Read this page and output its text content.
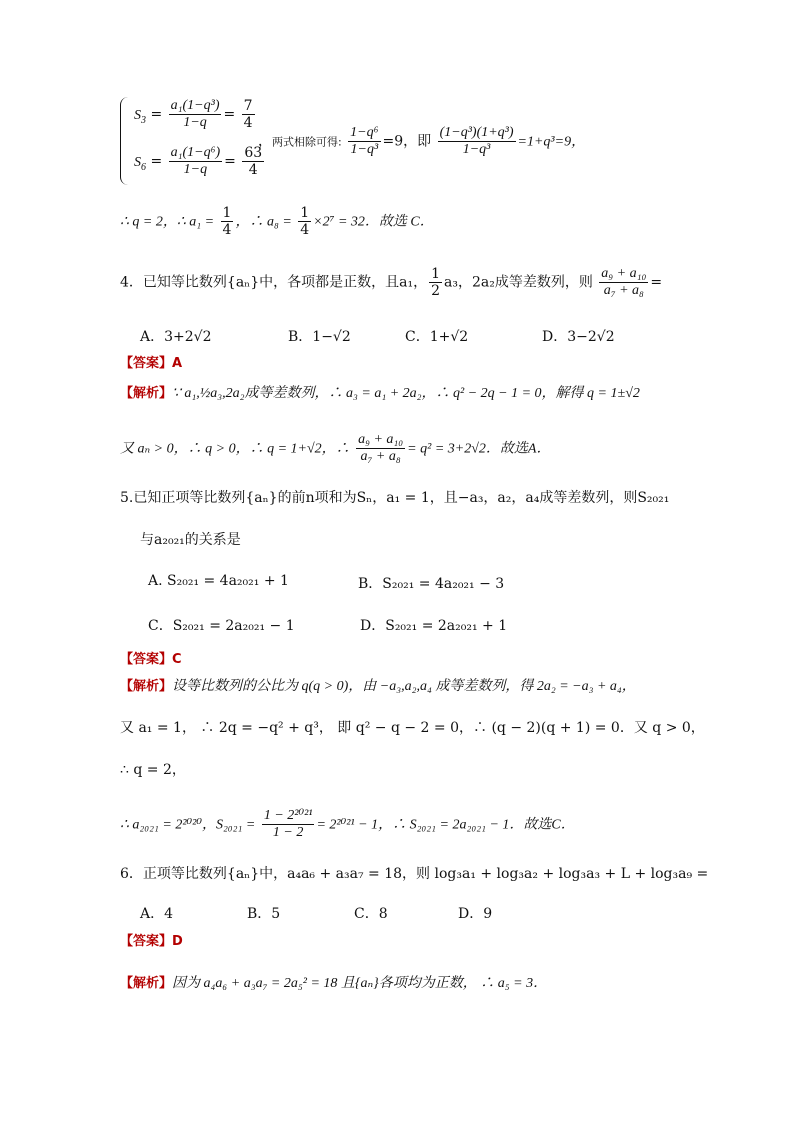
$S_3 = \frac{\text{a₁(1−q³)}}{1-q} = \frac{7}{4}$
$S_6 = \frac{\text{a₁(1−q⁶)}}{1-q} = \frac{63}{4}$
，两式相除可得: $\frac{\text{1−q⁶}}{\text{1−q³}} =9$，即 $\frac{\text{(1−q³)(1+q³)}}{\text{1−q³}} =1+q^3=9$，
∴ q = 2，∴ $a_1 = \frac{1}{4}$ ，∴ $a_8 = \frac{1}{4} \times 2^7 = 32$．故选 C．
4．已知等比数列{aₙ}中，各项都是正数，且a₁， $\frac{1}{2} a_3$，2a₂成等差数列，则 $\frac{\text{a₉ + a₁₀}}{\text{a₇ + a₈}}$ =
A．3+2√2	B．1−√2	C．1+√2	D．3−2√2
【答案】A
【解析】∵ a₁,½a₃,2a₂成等差数列，∴ a₃ = a₁ + 2a₂，∴ q² − 2q − 1 = 0，解得 q = 1±√2
又 aₙ > 0，∴ q > 0，∴ q = 1+√2，∴ $\frac{\text{a₉ + a₁₀}}{\text{a₇ + a₈}} = q^2 = 3+2√2$．故选A．
5.已知正项等比数列{aₙ}的前n项和为Sₙ，a₁ = 1，且−a₃，a₂，a₄成等差数列，则S₂₀₂₁
与a₂₀₂₁的关系是
A. S₂₀₂₁ = 4a₂₀₂₁ + 1	B．S₂₀₂₁ = 4a₂₀₂₁ − 3
C．S₂₀₂₁ = 2a₂₀₂₁ − 1	D．S₂₀₂₁ = 2a₂₀₂₁ + 1
【答案】C
【解析】设等比数列的公比为 q(q > 0)，由 −a₃,a₂,a₄ 成等差数列，得 2a₂ = −a₃ + a₄，
又 a₁ = 1， ∴ 2q = −q² + q³， 即 q² − q − 2 = 0，∴ (q − 2)(q + 1) = 0．又 q > 0，
∴ q = 2，
∴ a₂₀₂₁ = 2²⁰²⁰，$S_{2021} = \frac{\text{1 − 2²⁰²¹}}{1 - 2} = 2^{2021} - 1$，∴ S₂₀₂₁ = 2a₂₀₂₁ − 1．故选C．
6．正项等比数列{aₙ}中，a₄a₆ + a₃a₇ = 18，则 log₃a₁ + log₃a₂ + log₃a₃ + L + log₃a₉ =
A．4	B．5	C．8	D．9
【答案】D
【解析】因为 a₄a₆ + a₃a₇ = 2a₅² = 18 且{aₙ}各项均为正数， ∴ a₅ = 3．
